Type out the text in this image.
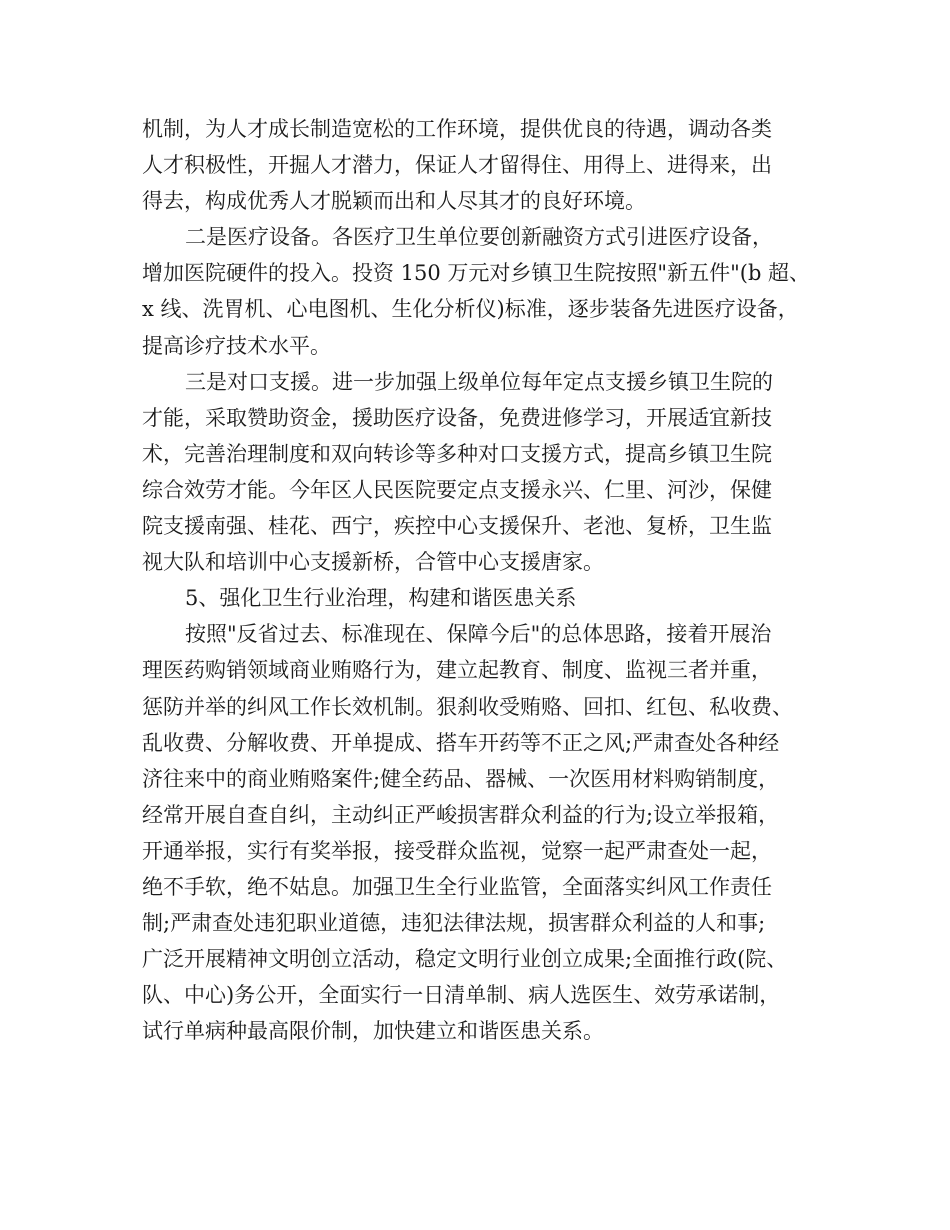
机制，为人才成长制造宽松的工作环境，提供优良的待遇，调动各类
人才积极性，开掘人才潜力，保证人才留得住、用得上、进得来，出
得去，构成优秀人才脱颖而出和人尽其才的良好环境。
二是医疗设备。各医疗卫生单位要创新融资方式引进医疗设备，
增加医院硬件的投入。投资 150 万元对乡镇卫生院按照"新五件"(b 超、
x 线、洗胃机、心电图机、生化分析仪)标准，逐步装备先进医疗设备，
提高诊疗技术水平。
三是对口支援。进一步加强上级单位每年定点支援乡镇卫生院的
才能，采取赞助资金，援助医疗设备，免费进修学习，开展适宜新技
术，完善治理制度和双向转诊等多种对口支援方式，提高乡镇卫生院
综合效劳才能。今年区人民医院要定点支援永兴、仁里、河沙，保健
院支援南强、桂花、西宁，疾控中心支援保升、老池、复桥，卫生监
视大队和培训中心支援新桥，合管中心支援唐家。
5、强化卫生行业治理，构建和谐医患关系
按照"反省过去、标准现在、保障今后"的总体思路，接着开展治
理医药购销领域商业贿赂行为，建立起教育、制度、监视三者并重，
惩防并举的纠风工作长效机制。狠刹收受贿赂、回扣、红包、私收费、
乱收费、分解收费、开单提成、搭车开药等不正之风;严肃查处各种经
济往来中的商业贿赂案件;健全药品、器械、一次医用材料购销制度，
经常开展自查自纠，主动纠正严峻损害群众利益的行为;设立举报箱，
开通举报，实行有奖举报，接受群众监视，觉察一起严肃查处一起，
绝不手软，绝不姑息。加强卫生全行业监管，全面落实纠风工作责任
制;严肃查处违犯职业道德，违犯法律法规，损害群众利益的人和事;
广泛开展精神文明创立活动，稳定文明行业创立成果;全面推行政(院、
队、中心)务公开，全面实行一日清单制、病人选医生、效劳承诺制，
试行单病种最高限价制，加快建立和谐医患关系。
